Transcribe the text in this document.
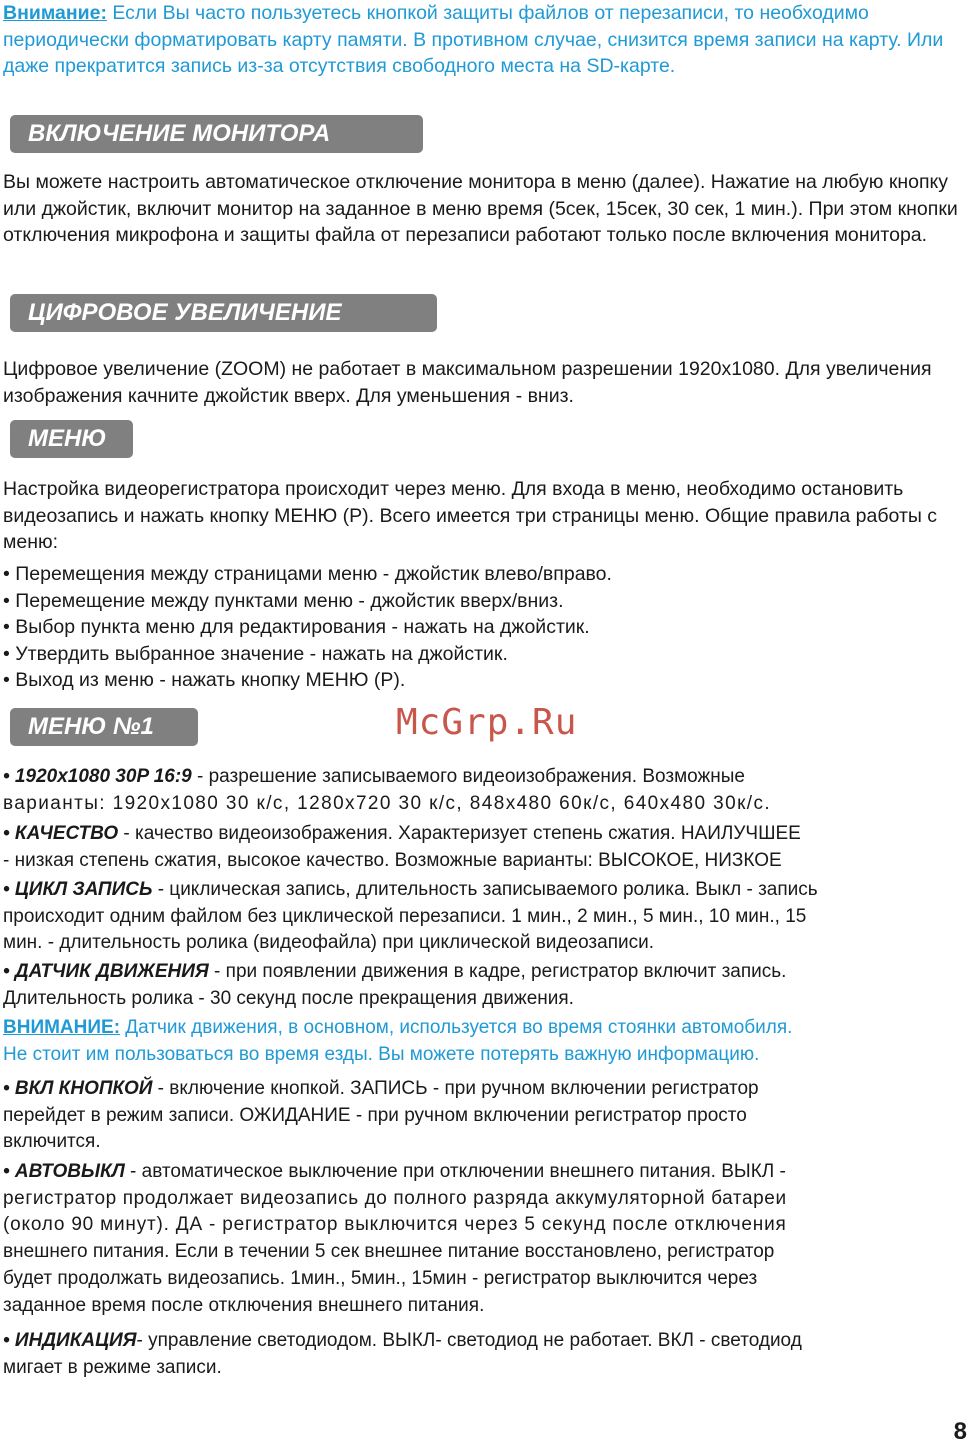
Внимание: Если Вы часто пользуетесь кнопкой защиты файлов от перезаписи, то необходимо периодически форматировать карту памяти. В противном случае, снизится время записи на карту. Или даже прекратится запись из-за отсутствия свободного места на SD-карте.

ВКЛЮЧЕНИЕ МОНИТОРА

Вы можете настроить автоматическое отключение монитора в меню (далее). Нажатие на любую кнопку или джойстик, включит монитор на заданное в меню время (5сек, 15сек, 30 сек, 1 мин.). При этом кнопки отключения микрофона и защиты файла от перезаписи работают только после включения монитора.

ЦИФРОВОЕ УВЕЛИЧЕНИЕ

Цифровое увеличение (ZOOM) не работает в максимальном разрешении 1920x1080. Для увеличения изображения качните джойстик вверх. Для уменьшения - вниз.

МЕНЮ

Настройка видеорегистратора происходит через меню. Для входа в меню, необходимо остановить видеозапись и нажать кнопку МЕНЮ (Р). Всего имеется три страницы меню. Общие правила работы с меню:

• Перемещения между страницами меню - джойстик влево/вправо.

• Перемещение между пунктами меню - джойстик вверх/вниз.

• Выбор пункта меню для редактирования - нажать на джойстик.

• Утвердить выбранное значение - нажать на джойстик.

• Выход из меню - нажать кнопку МЕНЮ (Р).

МЕНЮ №1	McGrp.Ru

• 1920x1080 30P 16:9 - разрешение записываемого видеоизображения. Возможные

варианты: 1920x1080 30 к/с, 1280x720 30 к/с, 848x480 60к/с, 640x480 30к/с.

• КАЧЕСТВО - качество видеоизображения. Характеризует степень сжатия. НАИЛУЧШЕЕ

- низкая степень сжатия, высокое качество. Возможные варианты: ВЫСОКОЕ, НИЗКОЕ

• ЦИКЛ ЗАПИСЬ - циклическая запись, длительность записываемого ролика. Выкл - запись

происходит одним файлом без циклической перезаписи. 1 мин., 2 мин., 5 мин., 10 мин., 15

мин. - длительность ролика (видеофайла) при циклической видеозаписи.

• ДАТЧИК ДВИЖЕНИЯ - при появлении движения в кадре, регистратор включит запись.

Длительность ролика - 30 секунд после прекращения движения.

ВНИМАНИЕ: Датчик движения, в основном, используется во время стоянки автомобиля.

Не стоит им пользоваться во время езды. Вы можете потерять важную информацию.

• ВКЛ КНОПКОЙ - включение кнопкой. ЗАПИСЬ - при ручном включении регистратор

перейдет в режим записи. ОЖИДАНИЕ - при ручном включении регистратор просто

включится.

• АВТОВЫКЛ - автоматическое выключение при отключении внешнего питания. ВЫКЛ -

регистратор продолжает видеозапись до полного разряда аккумуляторной батареи

(около 90 минут). ДА - регистратор выключится через 5 секунд после отключения

внешнего питания. Если в течении 5 сек внешнее питание восстановлено, регистратор

будет продолжать видеозапись. 1мин., 5мин., 15мин - регистратор выключится через

заданное время после отключения внешнего питания.

• ИНДИКАЦИЯ- управление светодиодом. ВЫКЛ- светодиод не работает. ВКЛ - светодиод

мигает в режиме записи.

8
